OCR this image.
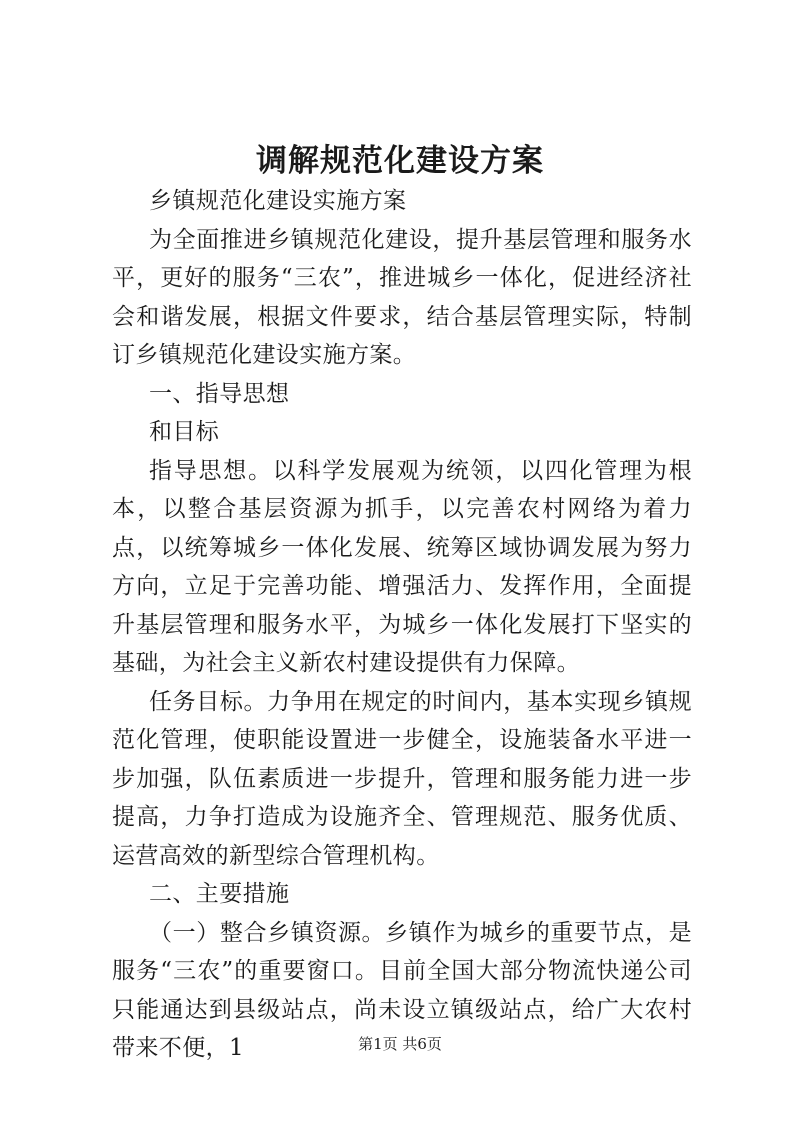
调解规范化建设方案

乡镇规范化建设实施方案

为全面推进乡镇规范化建设，提升基层管理和服务水平，更好的服务“三农”，推进城乡一体化，促进经济社会和谐发展，根据文件要求，结合基层管理实际，特制订乡镇规范化建设实施方案。

一、指导思想

和目标

指导思想。以科学发展观为统领，以四化管理为根本，以整合基层资源为抓手，以完善农村网络为着力点，以统筹城乡一体化发展、统筹区域协调发展为努力方向，立足于完善功能、增强活力、发挥作用，全面提升基层管理和服务水平，为城乡一体化发展打下坚实的基础，为社会主义新农村建设提供有力保障。

任务目标。力争用在规定的时间内，基本实现乡镇规范化管理，使职能设置进一步健全，设施装备水平进一步加强，队伍素质进一步提升，管理和服务能力进一步提高，力争打造成为设施齐全、管理规范、服务优质、运营高效的新型综合管理机构。

二、主要措施

（一）整合乡镇资源。乡镇作为城乡的重要节点，是服务“三农”的重要窗口。目前全国大部分物流快递公司只能通达到县级站点，尚未设立镇级站点，给广大农村带来不便，1	第1页 共6页
